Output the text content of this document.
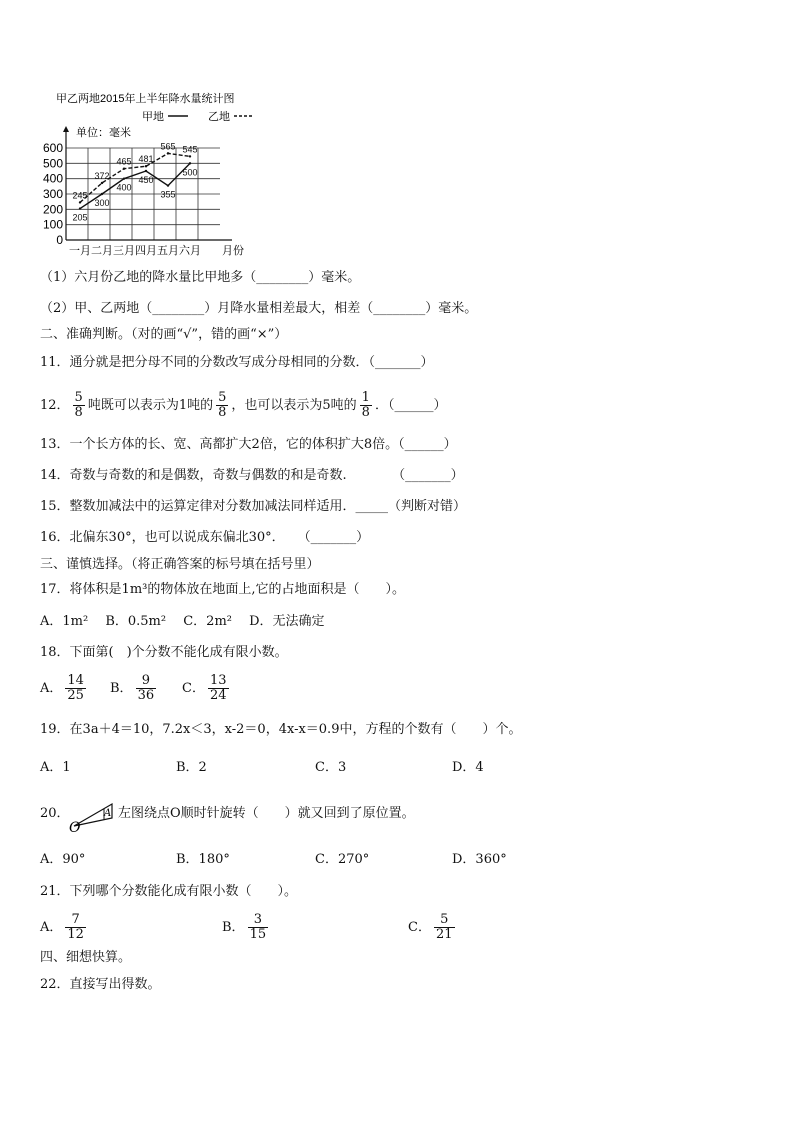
甲乙两地2015年上半年降水量统计图
甲地	乙地
单位：毫米
0
100
200
300
400
500
600
一月 二月 三月 四月 五月 六月 月份
205
300
400
450
355
500
245
372
465 481
565 545
（1）六月份乙地的降水量比甲地多（________）毫米。
（2）甲、乙两地（________）月降水量相差最大，相差（________）毫米。
二、准确判断。（对的画“√”，错的画“×”）
11．通分就是把分母不同的分数改写成分母相同的分数．（_______）
12． $\frac{5}{8}$ 吨既可以表示为1吨的 $\frac{5}{8}$ ，也可以表示为5吨的 $\frac{1}{8}$ ．（______）
13．一个长方体的长、宽、高都扩大2倍，它的体积扩大8倍。（______）
14．奇数与奇数的和是偶数，奇数与偶数的和是奇数.　　　　（_______）
15．整数加减法中的运算定律对分数加减法同样适用．_____（判断对错）
16．北偏东30°，也可以说成东偏北30°．　　（_______）
三、谨慎选择。（将正确答案的标号填在括号里）
17．将体积是1m³的物体放在地面上,它的占地面积是（　　）。
A．1m²　 B．0.5m²　 C．2m²　 D．无法确定
18．下面第(　)个分数不能化成有限小数。
A． $\frac{14}{25}$ B． $\frac{9}{36}$ C． $\frac{13}{24}$
19．在3a＋4＝10，7.2x＜3，x-2＝0，4x-x＝0.9中，方程的个数有（　　）个。
A．1	B．2	C．3	D．4
20．
O
A 左图绕点O顺时针旋转（　　）就又回到了原位置。
A．90°	B．180°	C．270°	D．360°
21．下列哪个分数能化成有限小数（　　）。
A． $\frac{7}{12}$	B． $\frac{3}{15}$	C． $\frac{5}{21}$
四、细想快算。
22．直接写出得数。
